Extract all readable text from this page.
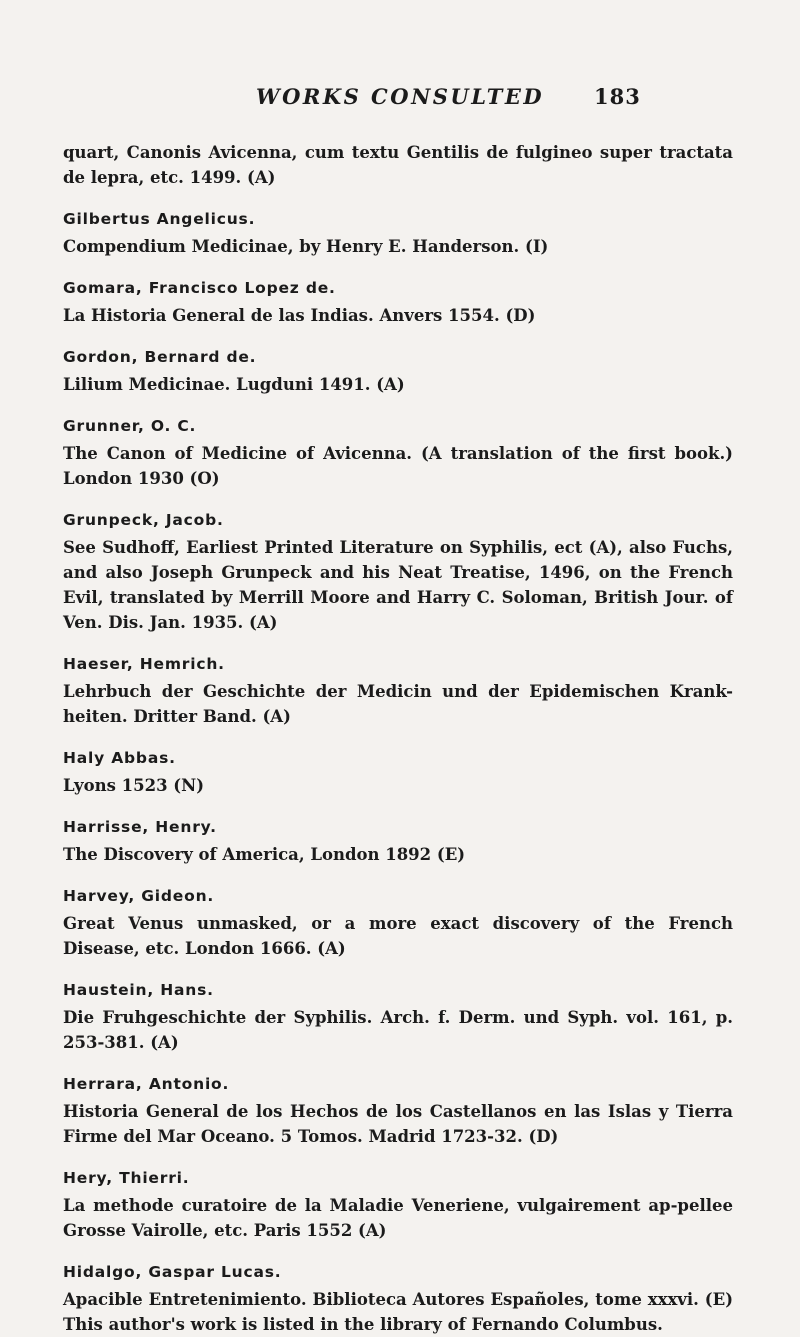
WORKS CONSULTED 183

quart, Canonis Avicenna, cum textu Gentilis de fulgineo super tractata de lepra, etc. 1499. (A)

Gilbertus Angelicus.

Compendium Medicinae, by Henry E. Handerson. (I)

Gomara, Francisco Lopez de.

La Historia General de las Indias. Anvers 1554. (D)

Gordon, Bernard de.

Lilium Medicinae. Lugduni 1491. (A)

Grunner, O. C.

The Canon of Medicine of Avicenna. (A translation of the first book.) London 1930 (O)

Grunpeck, Jacob.

See Sudhoff, Earliest Printed Literature on Syphilis, ect (A), also Fuchs, and also Joseph Grunpeck and his Neat Treatise, 1496, on the French Evil, translated by Merrill Moore and Harry C. Soloman, British Jour. of Ven. Dis. Jan. 1935. (A)

Haeser, Hemrich.

Lehrbuch der Geschichte der Medicin und der Epidemischen Krank-heiten. Dritter Band. (A)

Haly Abbas.

Lyons 1523 (N)

Harrisse, Henry.

The Discovery of America, London 1892 (E)

Harvey, Gideon.

Great Venus unmasked, or a more exact discovery of the French Disease, etc. London 1666. (A)

Haustein, Hans.

Die Fruhgeschichte der Syphilis. Arch. f. Derm. und Syph. vol. 161, p. 253-381. (A)

Herrara, Antonio.

Historia General de los Hechos de los Castellanos en las Islas y Tierra Firme del Mar Oceano. 5 Tomos. Madrid 1723-32. (D)

Hery, Thierri.

La methode curatoire de la Maladie Veneriene, vulgairement ap-pellee Grosse Vairolle, etc. Paris 1552 (A)

Hidalgo, Gaspar Lucas.

Apacible Entretenimiento. Biblioteca Autores Españoles, tome xxxvi. (E) This author's work is listed in the library of Fernando Columbus.
